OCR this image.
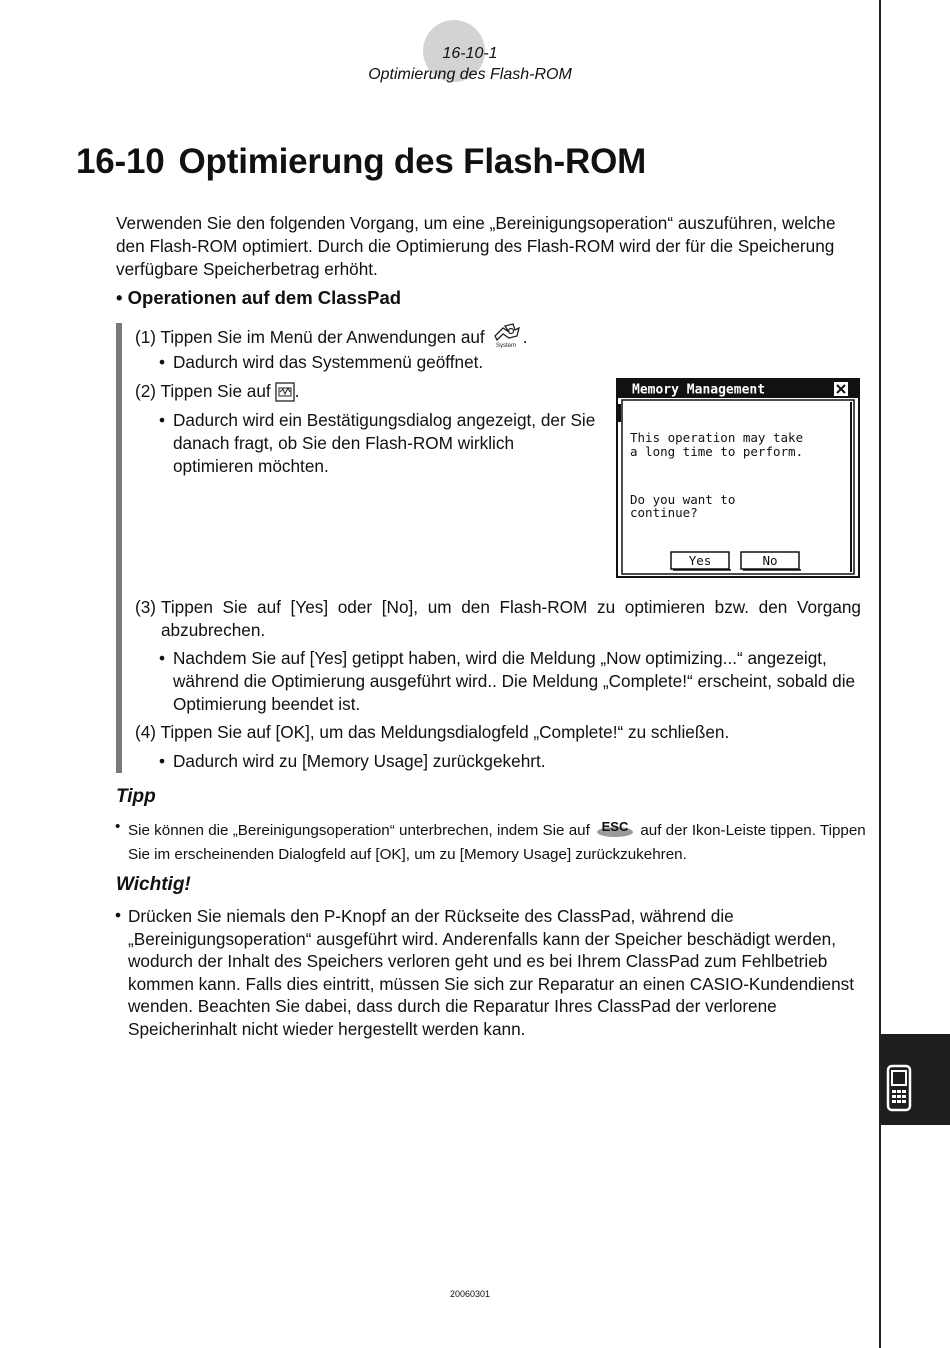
16-10-1
Optimierung des Flash-ROM
16-10 Optimierung des Flash-ROM
Verwenden Sie den folgenden Vorgang, um eine „Bereinigungsoperation“ auszuführen, welche den Flash-ROM optimiert. Durch die Optimierung des Flash-ROM wird der für die Speicherung verfügbare Speicherbetrag erhöht.
• Operationen auf dem ClassPad
(1) Tippen Sie im Menü der Anwendungen auf System .
• Dadurch wird das Systemmenü geöffnet.
(2) Tippen Sie auf .
• Dadurch wird ein Bestätigungsdialog angezeigt, der Sie danach fragt, ob Sie den Flash-ROM wirklich optimieren möchten.
Memory Management
This operation may take
a long time to perform.
Do you want to
continue?
Yes	No
(3) Tippen Sie auf [Yes] oder [No], um den Flash-ROM zu optimieren bzw. den Vorgang abzubrechen.
• Nachdem Sie auf [Yes] getippt haben, wird die Meldung „Now optimizing...“ angezeigt, während die Optimierung ausgeführt wird.. Die Meldung „Complete!“ erscheint, sobald die Optimierung beendet ist.
(4) Tippen Sie auf [OK], um das Meldungsdialogfeld „Complete!“ zu schließen.
• Dadurch wird zu [Memory Usage] zurückgekehrt.
Tipp
• Sie können die „Bereinigungsoperation“ unterbrechen, indem Sie auf ESC auf der Ikon-Leiste tippen. Tippen Sie im erscheinenden Dialogfeld auf [OK], um zu [Memory Usage] zurückzukehren.
Wichtig!
• Drücken Sie niemals den P-Knopf an der Rückseite des ClassPad, während die „Bereinigungsoperation“ ausgeführt wird. Anderenfalls kann der Speicher beschädigt werden, wodurch der Inhalt des Speichers verloren geht und es bei Ihrem ClassPad zum Fehlbetrieb kommen kann. Falls dies eintritt, müssen Sie sich zur Reparatur an einen CASIO-Kundendienst wenden. Beachten Sie dabei, dass durch die Reparatur Ihres ClassPad der verlorene Speicherinhalt nicht wieder hergestellt werden kann.
20060301
